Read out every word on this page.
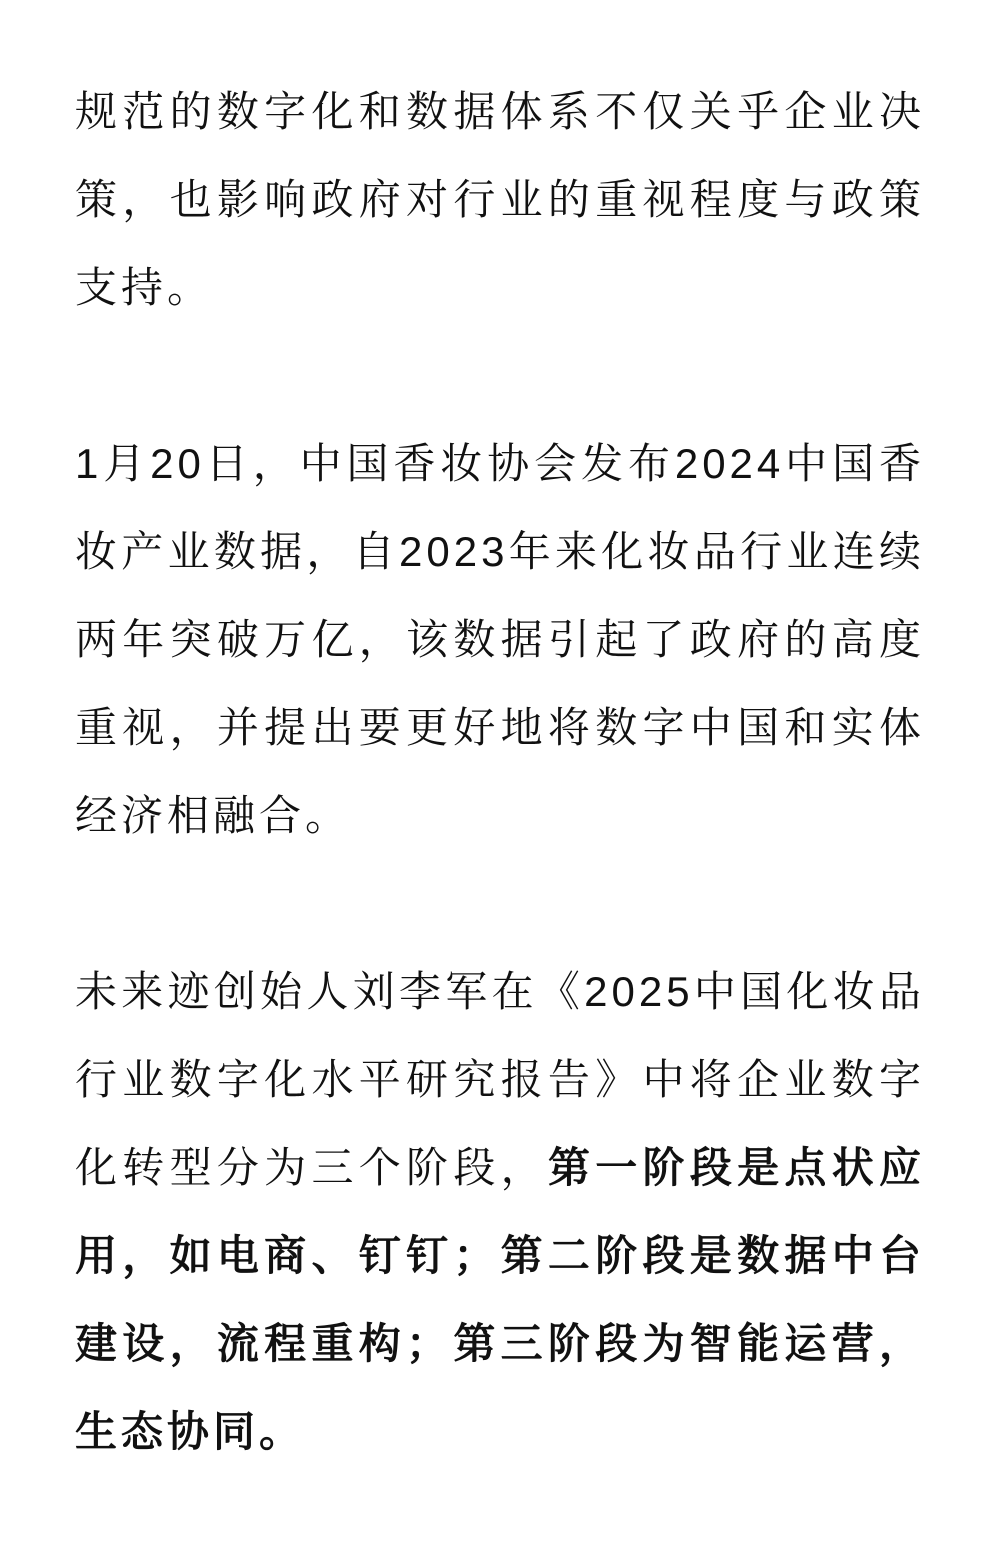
规范的数字化和数据体系不仅关乎企业决策，也影响政府对行业的重视程度与政策支持。

1月20日，中国香妆协会发布2024中国香妆产业数据，自2023年来化妆品行业连续两年突破万亿，该数据引起了政府的高度重视，并提出要更好地将数字中国和实体经济相融合。

未来迹创始人刘李军在《2025中国化妆品行业数字化水平研究报告》中将企业数字化转型分为三个阶段，第一阶段是点状应用，如电商、钉钉；第二阶段是数据中台建设，流程重构；第三阶段为智能运营，生态协同。
